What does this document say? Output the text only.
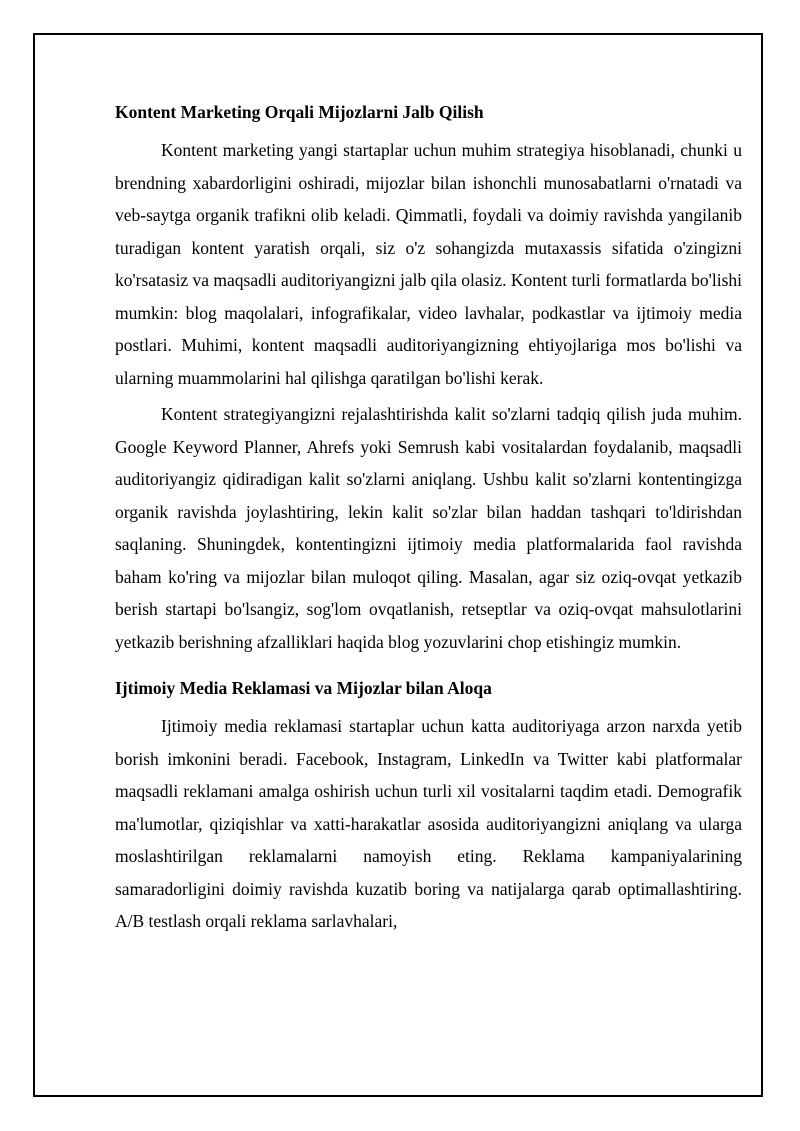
Kontent Marketing Orqali Mijozlarni Jalb Qilish

Kontent marketing yangi startaplar uchun muhim strategiya hisoblanadi, chunki u brendning xabardorligini oshiradi, mijozlar bilan ishonchli munosabatlarni o'rnatadi va veb-saytga organik trafikni olib keladi. Qimmatli, foydali va doimiy ravishda yangilanib turadigan kontent yaratish orqali, siz o'z sohangizda mutaxassis sifatida o'zingizni ko'rsatasiz va maqsadli auditoriyangizni jalb qila olasiz. Kontent turli formatlarda bo'lishi mumkin: blog maqolalari, infografikalar, video lavhalar, podkastlar va ijtimoiy media postlari. Muhimi, kontent maqsadli auditoriyangizning ehtiyojlariga mos bo'lishi va ularning muammolarini hal qilishga qaratilgan bo'lishi kerak.

Kontent strategiyangizni rejalashtirishda kalit so'zlarni tadqiq qilish juda muhim. Google Keyword Planner, Ahrefs yoki Semrush kabi vositalardan foydalanib, maqsadli auditoriyangiz qidiradigan kalit so'zlarni aniqlang. Ushbu kalit so'zlarni kontentingizga organik ravishda joylashtiring, lekin kalit so'zlar bilan haddan tashqari to'ldirishdan saqlaning. Shuningdek, kontentingizni ijtimoiy media platformalarida faol ravishda baham ko'ring va mijozlar bilan muloqot qiling. Masalan, agar siz oziq-ovqat yetkazib berish startapi bo'lsangiz, sog'lom ovqatlanish, retseptlar va oziq-ovqat mahsulotlarini yetkazib berishning afzalliklari haqida blog yozuvlarini chop etishingiz mumkin.

Ijtimoiy Media Reklamasi va Mijozlar bilan Aloqa

Ijtimoiy media reklamasi startaplar uchun katta auditoriyaga arzon narxda yetib borish imkonini beradi. Facebook, Instagram, LinkedIn va Twitter kabi platformalar maqsadli reklamani amalga oshirish uchun turli xil vositalarni taqdim etadi. Demografik ma'lumotlar, qiziqishlar va xatti-harakatlar asosida auditoriyangizni aniqlang va ularga moslashtirilgan reklamalarni namoyish eting. Reklama kampaniyalarining samaradorligini doimiy ravishda kuzatib boring va natijalarga qarab optimallashtiring. A/B testlash orqali reklama sarlavhalari,
